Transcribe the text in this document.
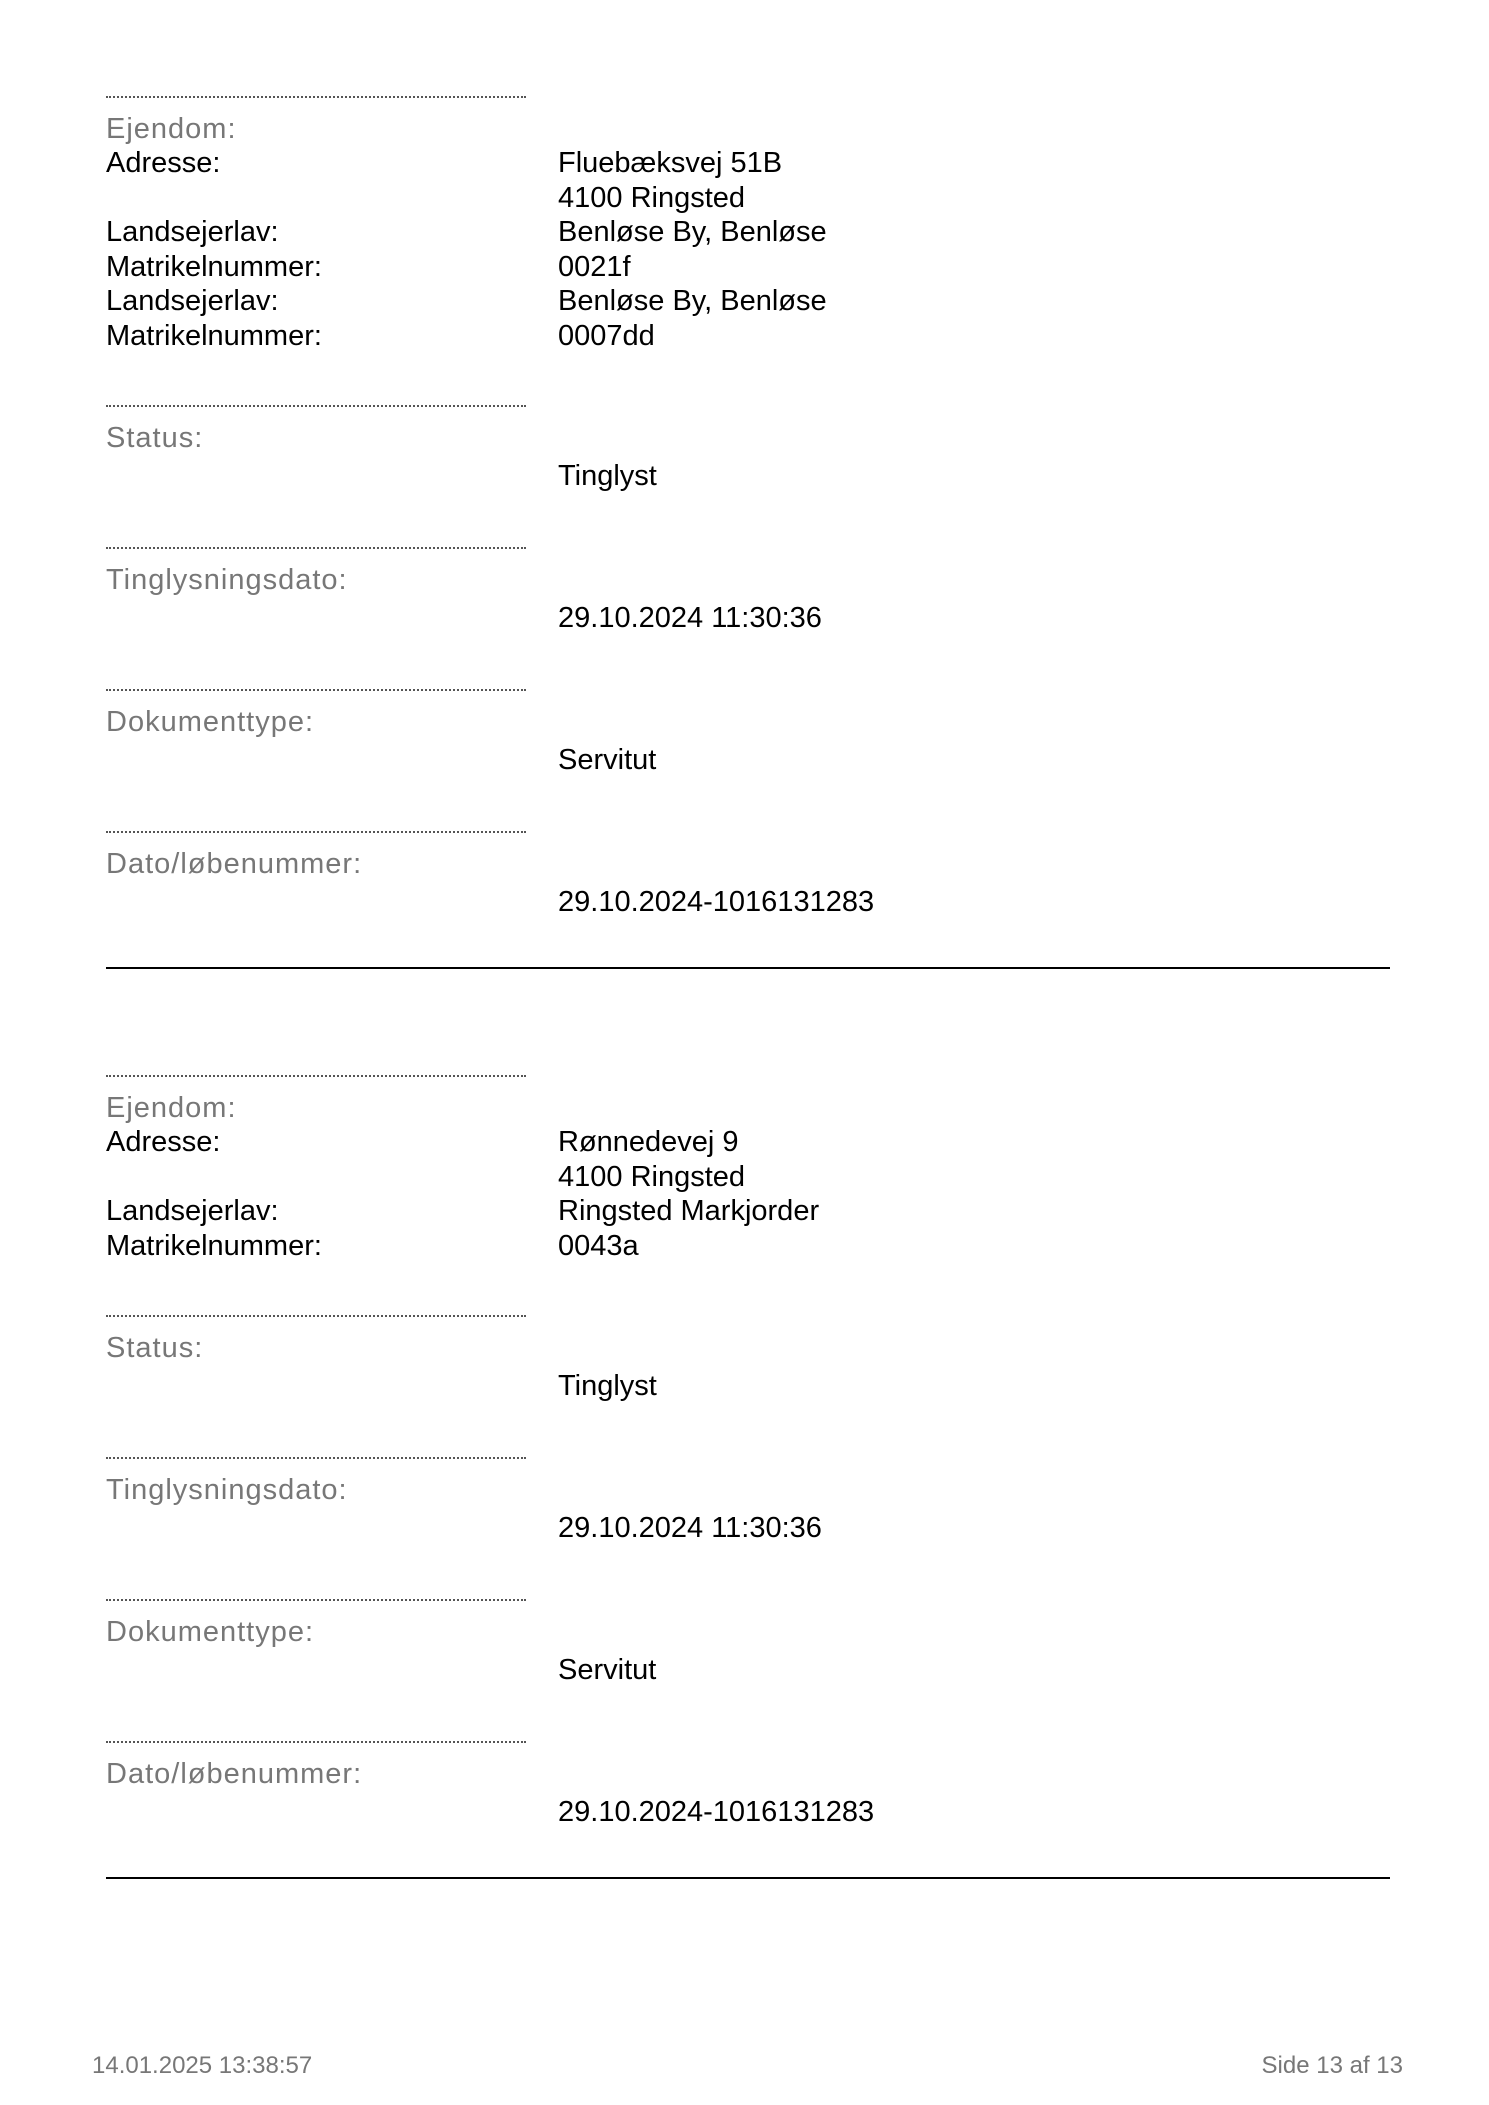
Ejendom:
Adresse:	Fluebæksvej 51B
4100 Ringsted
Landsejerlav:	Benløse By, Benløse
Matrikelnummer:	0021f
Landsejerlav:	Benløse By, Benløse
Matrikelnummer:	0007dd
Status:
Tinglyst
Tinglysningsdato:
29.10.2024 11:30:36
Dokumenttype:
Servitut
Dato/løbenummer:
29.10.2024-1016131283
Ejendom:
Adresse:	Rønnedevej 9
4100 Ringsted
Landsejerlav:	Ringsted Markjorder
Matrikelnummer:	0043a
Status:
Tinglyst
Tinglysningsdato:
29.10.2024 11:30:36
Dokumenttype:
Servitut
Dato/løbenummer:
29.10.2024-1016131283
14.01.2025 13:38:57	Side 13 af 13
